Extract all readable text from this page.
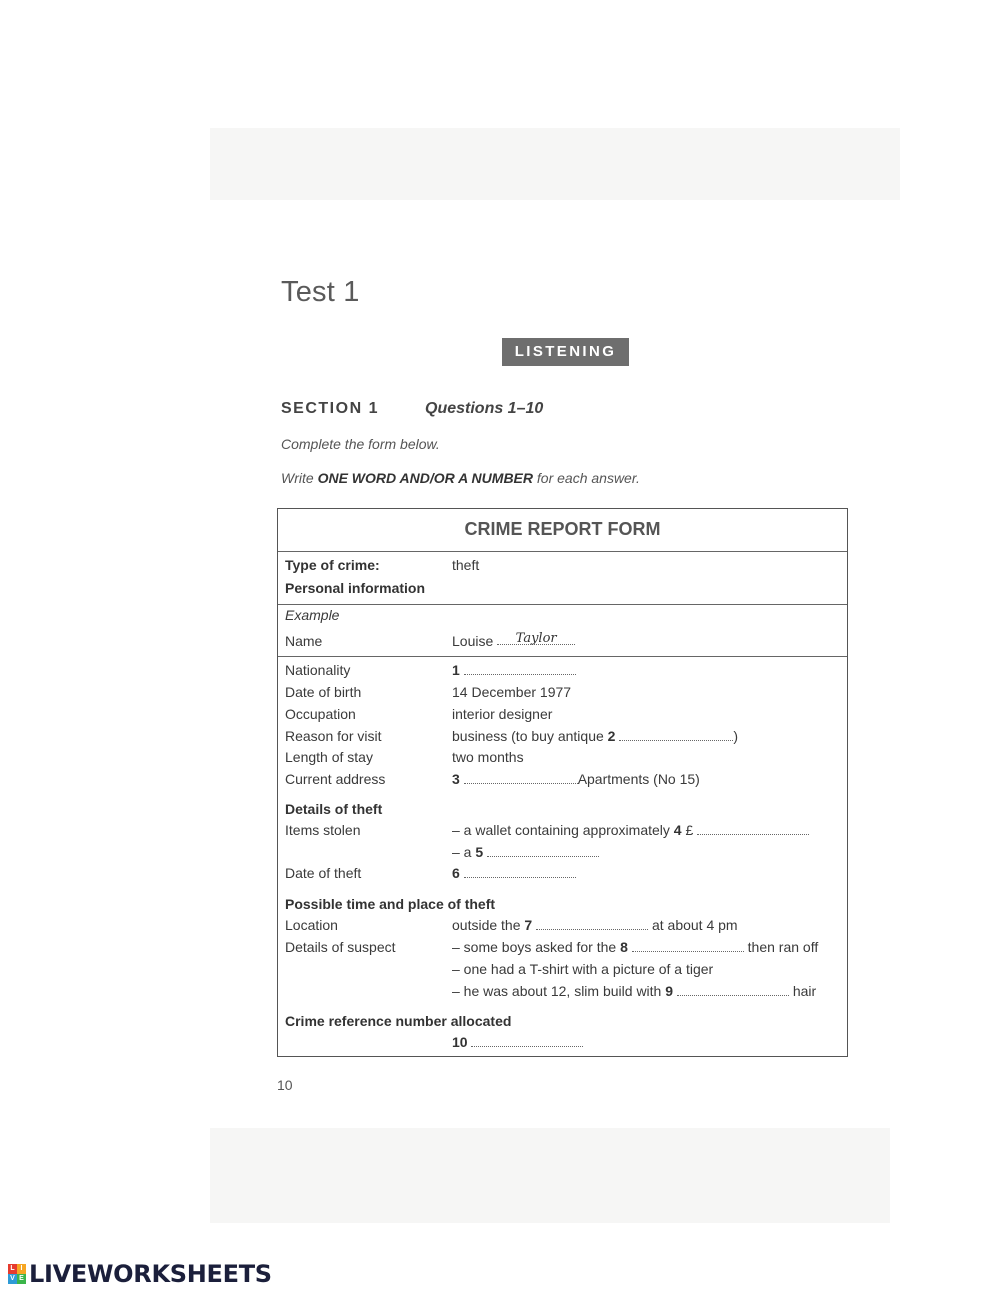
Test 1
LISTENING
SECTION 1	Questions 1–10
Complete the form below.
Write ONE WORD AND/OR A NUMBER for each answer.
CRIME REPORT FORM
Type of crime:	theft
Personal information
Example
Name	Louise Taylor
Nationality	1
Date of birth	14 December 1977
Occupation	interior designer
Reason for visit	business (to buy antique 2	)
Length of stay	two months
Current address	3	Apartments (No 15)
Details of theft
Items stolen	– a wallet containing approximately 4 £
– a 5
Date of theft	6
Possible time and place of theft
Location	outside the 7	at about 4 pm
Details of suspect	– some boys asked for the 8	then ran off
– one had a T-shirt with a picture of a tiger
– he was about 12, slim build with 9	hair
Crime reference number allocated
10
10
L I
V E LIVEWORKSHEETS
